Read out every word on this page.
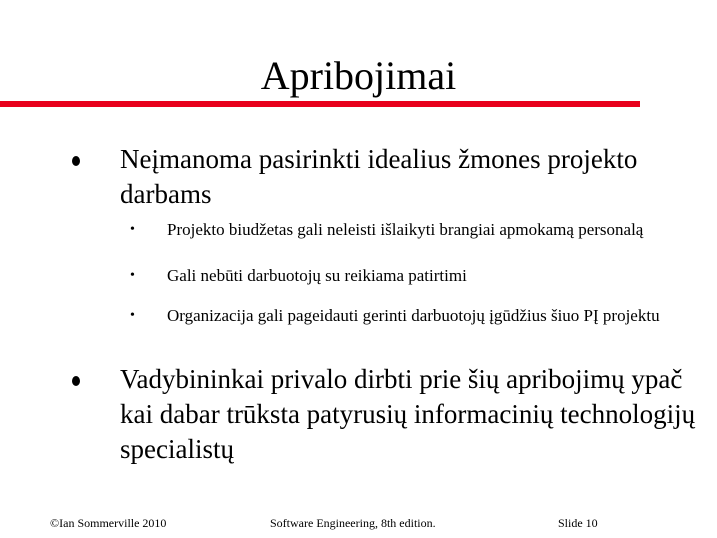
Apribojimai
Neįmanoma pasirinkti idealius žmones projekto darbams
• Projekto biudžetas gali neleisti išlaikyti brangiai apmokamą personalą
• Gali nebūti darbuotojų su reikiama patirtimi
• Organizacija gali pageidauti gerinti darbuotojų įgūdžius šiuo PĮ projektu
Vadybininkai privalo dirbti prie šių apribojimų ypač kai dabar trūksta patyrusių informacinių technologijų specialistų
©Ian Sommerville 2010	Software Engineering, 8th edition.	Slide 10
